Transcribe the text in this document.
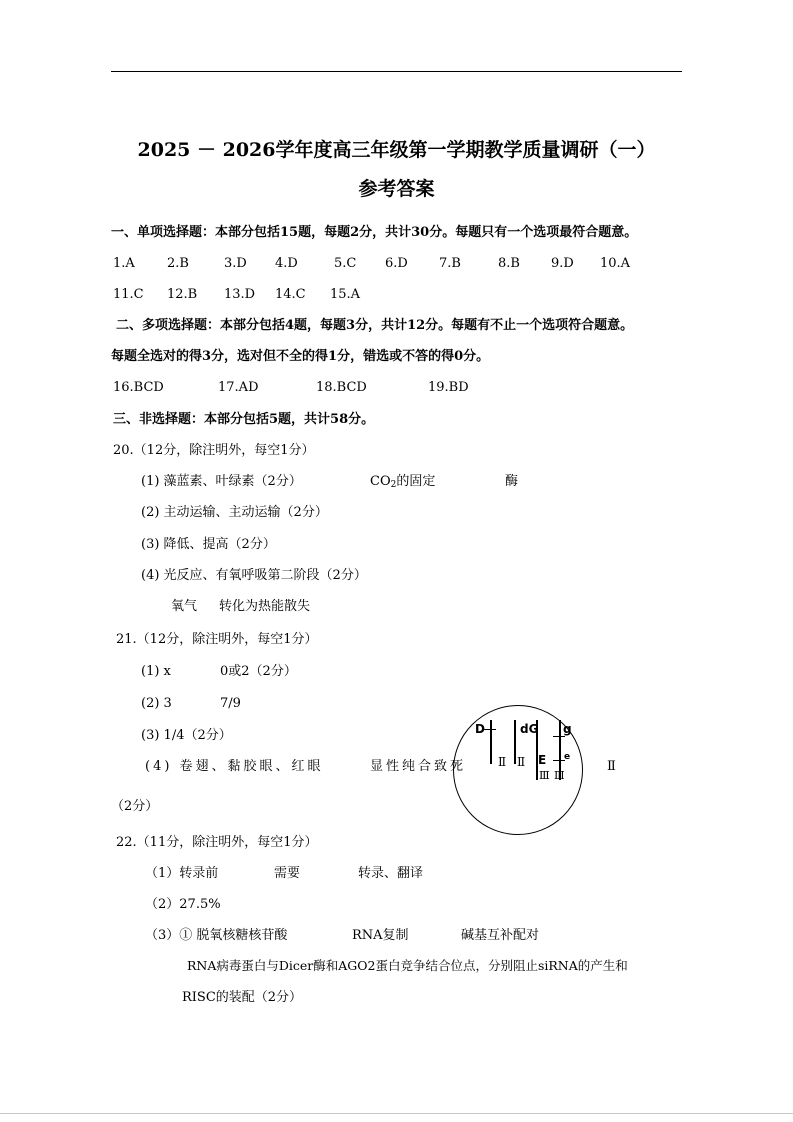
2025 － 2026学年度高三年级第一学期教学质量调研（一）
参考答案
一、单项选择题：本部分包括15题，每题2分，共计30分。每题只有一个选项最符合题意。
1.A 2.B	3.D 4.D	5.C 6.D 7.B	8.B 9.D 10.A
11.C 12.B 13.D 14.C 15.A
二、多项选择题：本部分包括4题，每题3分，共计12分。每题有不止一个选项符合题意。
每题全选对的得3分，选对但不全的得1分，错选或不答的得0分。
16.BCD	17.AD	18.BCD	19.BD
三、非选择题：本部分包括5题，共计58分。
20.（12分，除注明外，每空1分）
(1) 藻蓝素、叶绿素（2分）	$CO_2$的固定	酶
(2) 主动运输、主动运输（2分）
(3) 降低、提高（2分）
(4) 光反应、有氧呼吸第二阶段（2分）
氧气 转化为热能散失
21.（12分，除注明外，每空1分）
(1) x	0或2（2分）
(2) 3	7/9
(3) 1/4（2分）
(4) 卷翅、黏胶眼、红眼	显性纯合致死	Ⅱ
（2分）
D	dG g
E e
Ⅱ Ⅱ
Ⅲ Ⅲ
22.（11分，除注明外，每空1分）
（1）转录前	需要	转录、翻译
（2）27.5%
（3）① 脱氧核糖核苷酸	RNA复制	碱基互补配对
RNA病毒蛋白与Dicer酶和AGO2蛋白竞争结合位点，分别阻止siRNA的产生和
RISC的装配（2分）
